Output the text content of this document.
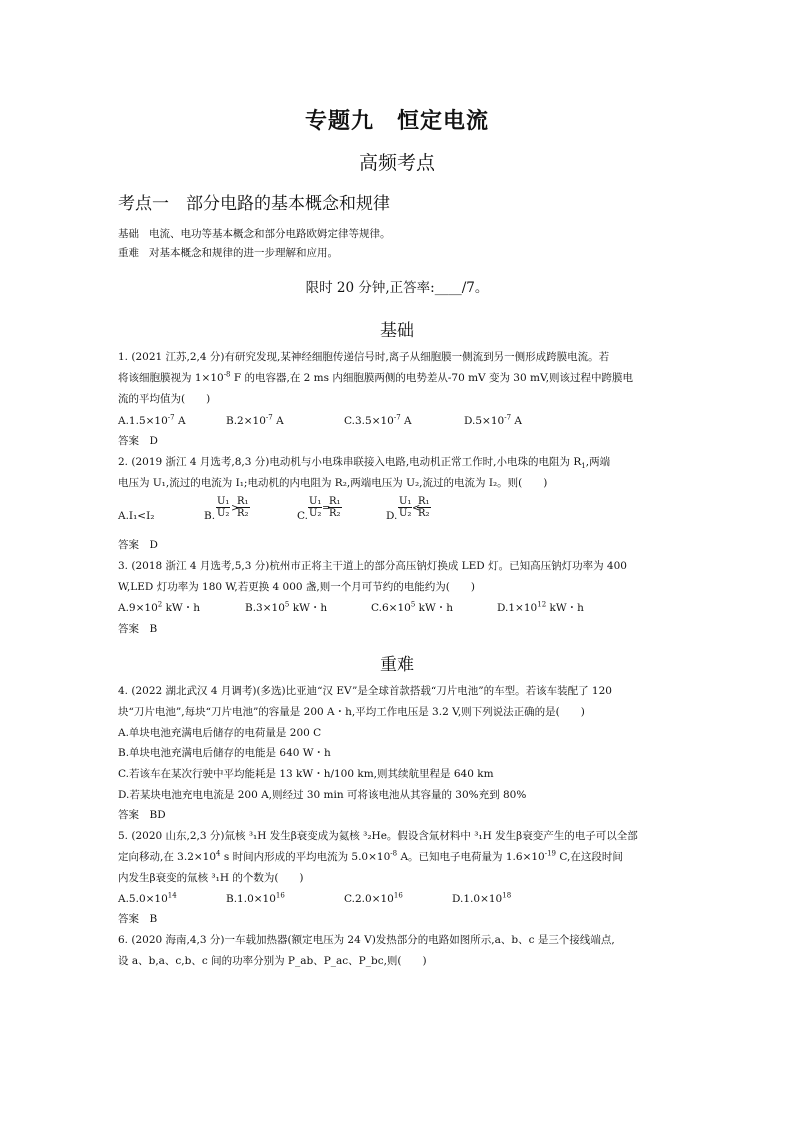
专题九　恒定电流
高频考点
考点一　部分电路的基本概念和规律
基础 电流、电功等基本概念和部分电路欧姆定律等规律。
重难 对基本概念和规律的进一步理解和应用。
限时 20 分钟,正答率:____/7。
基础
1. (2021 江苏,2,4 分)有研究发现,某神经细胞传递信号时,离子从细胞膜一侧流到另一侧形成跨膜电流。若
将该细胞膜视为 $1\times 10^{-8}$ F 的电容器,在 2 ms 内细胞膜两侧的电势差从-70 mV 变为 30 mV,则该过程中跨膜电
流的平均值为(　　)
$A.1.5\times 10^{-7}$ A	$B.2\times 10^{-7}$ A	$C.3.5\times 10^{-7}$ A	$D.5\times 10^{-7}$ A
答案　D
2. (2019 浙江 4 月选考,8,3 分)电动机与小电珠串联接入电路,电动机正常工作时,小电珠的电阻为 $R_1$,两端
电压为 U₁,流过的电流为 I₁;电动机的内电阻为 R₂,两端电压为 U₂,流过的电流为 I₂。则(　　)
A.I₁<I₂	B. $\frac{\text{U₁}}{\text{U₂}}$ >
$\frac{\text{R₁}}{\text{R₂}}$	C. $\frac{\text{U₁}}{\text{U₂}}$ =
$\frac{\text{R₁}}{\text{R₂}}$	D. $\frac{\text{U₁}}{\text{U₂}}$ <
$\frac{\text{R₁}}{\text{R₂}}$
答案　D
3. (2018 浙江 4 月选考,5,3 分)杭州市正将主干道上的部分高压钠灯换成 LED 灯。已知高压钠灯功率为 400
W,LED 灯功率为 180 W,若更换 4 000 盏,则一个月可节约的电能约为(　　)
$A.9\times 10^2$ kW・h	$B.3\times 10^5$ kW・h	$C.6\times 10^5$ kW・h	$D.1\times 10^{12}$ kW・h
答案　B
重难
4. (2022 湖北武汉 4 月调考)(多选)比亚迪“汉 EV”是全球首款搭载“刀片电池”的车型。若该车装配了 120
块“刀片电池”,每块“刀片电池”的容量是 200 A・h,平均工作电压是 3.2 V,则下列说法正确的是(　　)
A.单块电池充满电后储存的电荷量是 200 C
B.单块电池充满电后储存的电能是 640 W・h
C.若该车在某次行驶中平均能耗是 13 kW・h/100 km,则其续航里程是 640 km
D.若某块电池充电电流是 200 A,则经过 30 min 可将该电池从其容量的 30%充到 80%
答案　BD
5. (2020 山东,2,3 分)氚核 ³₁H 发生β衰变成为氦核 ³₂He。假设含氚材料中 ³₁H 发生β衰变产生的电子可以全部
定向移动,在 $3.2\times 10^4$ s 时间内形成的平均电流为 $5.0\times 10^{-8}$ A。已知电子电荷量为 $1.6\times 10^{-19}$ C,在这段时间
内发生β衰变的氚核 ³₁H 的个数为(　　)
$A.5.0\times 10^{14}$	$B.1.0\times 10^{16}$	$C.2.0\times 10^{16}$	$D.1.0\times 10^{18}$
答案　B
6. (2020 海南,4,3 分)一车载加热器(额定电压为 24 V)发热部分的电路如图所示,a、b、c 是三个接线端点,
设 a、b,a、c,b、c 间的功率分别为 P_ab、P_ac、P_bc,则(　　)
